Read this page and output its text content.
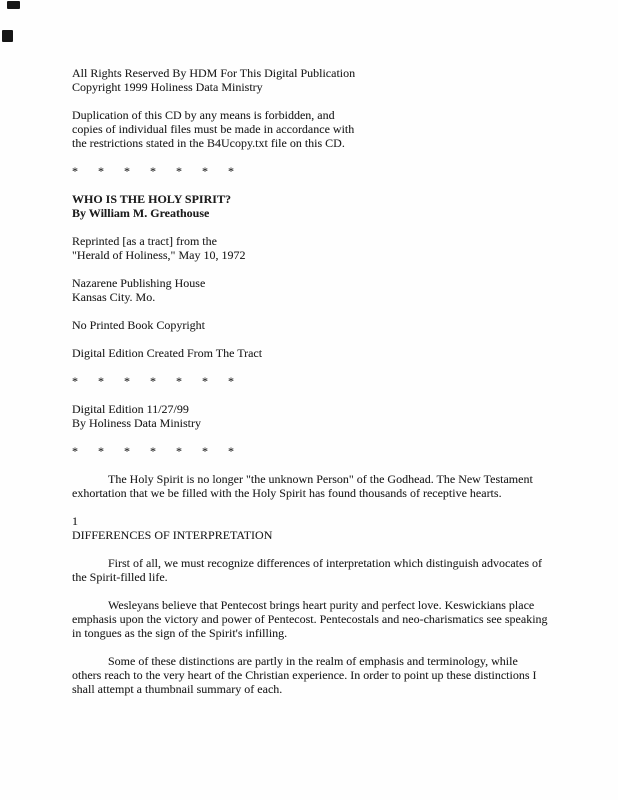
All Rights Reserved By HDM For This Digital Publication
Copyright 1999 Holiness Data Ministry
Duplication of this CD by any means is forbidden, and
copies of individual files must be made in accordance with
the restrictions stated in the B4Ucopy.txt file on this CD.
* * * * * * *
WHO IS THE HOLY SPIRIT?
By William M. Greathouse
Reprinted [as a tract] from the
"Herald of Holiness," May 10, 1972
Nazarene Publishing House
Kansas City. Mo.
No Printed Book Copyright
Digital Edition Created From The Tract
* * * * * * *
Digital Edition 11/27/99
By Holiness Data Ministry
* * * * * * *
The Holy Spirit is no longer "the unknown Person" of the Godhead. The New Testament
exhortation that we be filled with the Holy Spirit has found thousands of receptive hearts.
1
DIFFERENCES OF INTERPRETATION
First of all, we must recognize differences of interpretation which distinguish advocates of
the Spirit-filled life.
Wesleyans believe that Pentecost brings heart purity and perfect love. Keswickians place
emphasis upon the victory and power of Pentecost. Pentecostals and neo-charismatics see speaking
in tongues as the sign of the Spirit's infilling.
Some of these distinctions are partly in the realm of emphasis and terminology, while
others reach to the very heart of the Christian experience. In order to point up these distinctions I
shall attempt a thumbnail summary of each.
